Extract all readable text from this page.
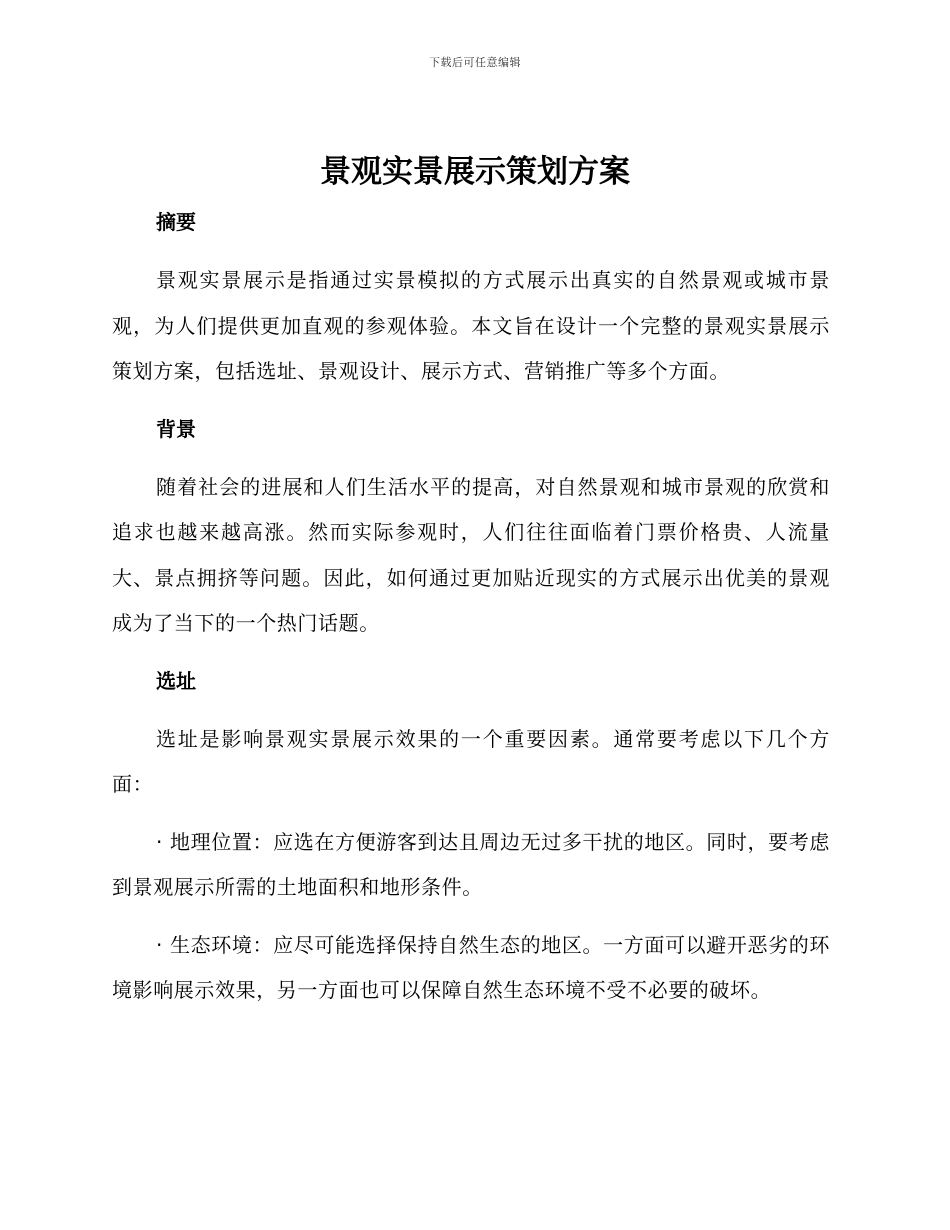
下载后可任意编辑
景观实景展示策划方案
摘要

景观实景展示是指通过实景模拟的方式展示出真实的自然景观或城市景观，为人们提供更加直观的参观体验。本文旨在设计一个完整的景观实景展示策划方案，包括选址、景观设计、展示方式、营销推广等多个方面。

背景

随着社会的进展和人们生活水平的提高，对自然景观和城市景观的欣赏和追求也越来越高涨。然而实际参观时，人们往往面临着门票价格贵、人流量大、景点拥挤等问题。因此，如何通过更加贴近现实的方式展示出优美的景观成为了当下的一个热门话题。

选址

选址是影响景观实景展示效果的一个重要因素。通常要考虑以下几个方面：

· 地理位置：应选在方便游客到达且周边无过多干扰的地区。同时，要考虑到景观展示所需的土地面积和地形条件。

· 生态环境：应尽可能选择保持自然生态的地区。一方面可以避开恶劣的环境影响展示效果，另一方面也可以保障自然生态环境不受不必要的破坏。
